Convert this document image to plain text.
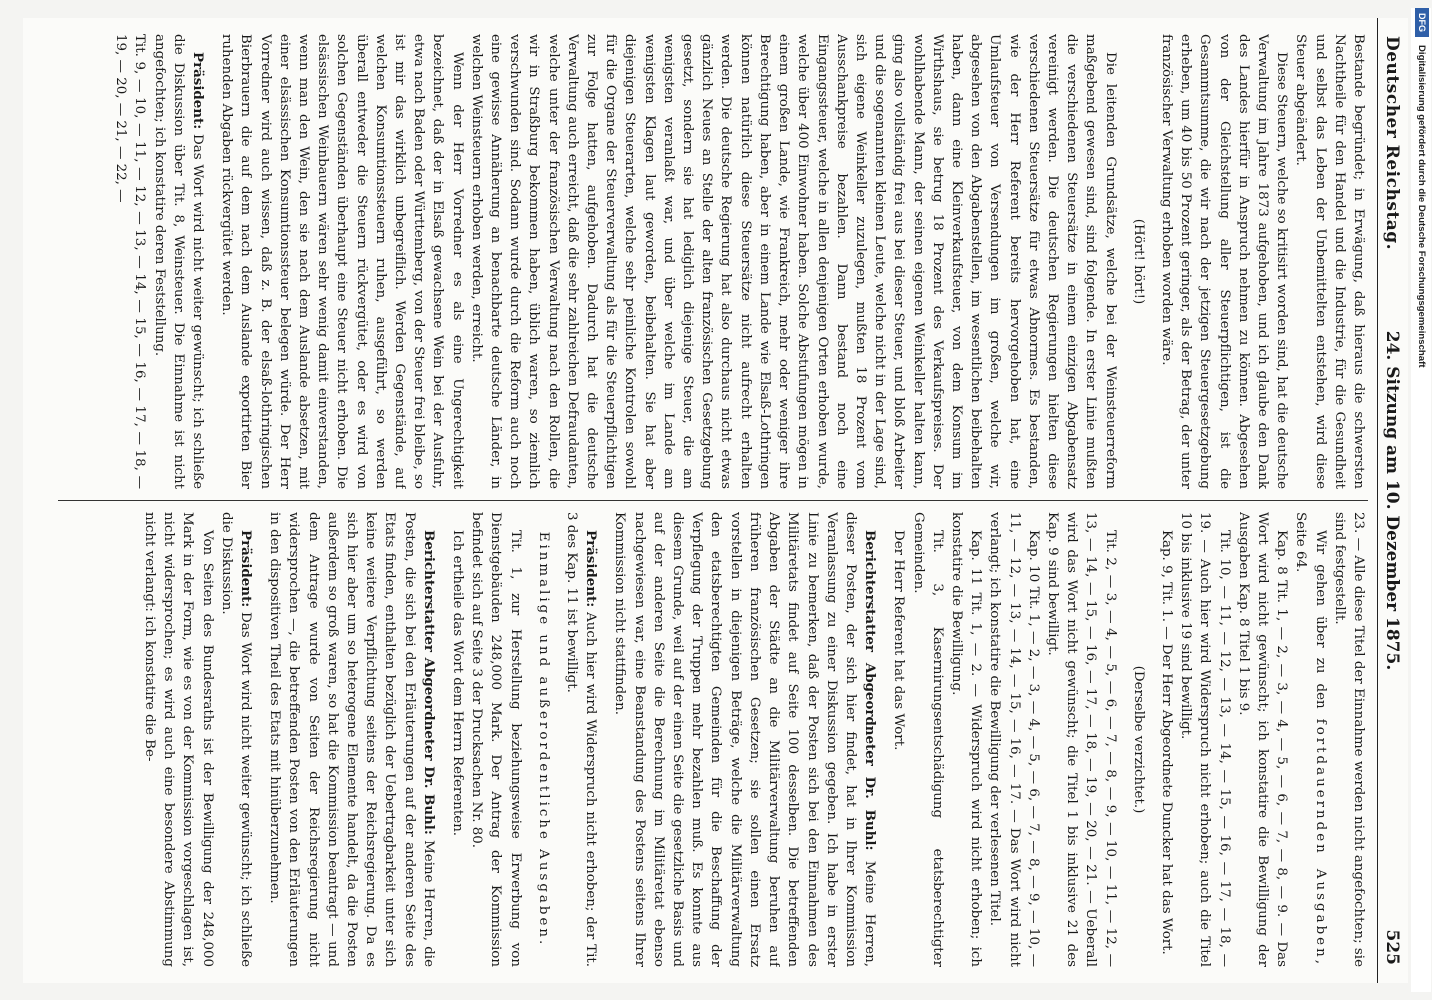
Deutscher Reichstag.
24. Sitzung am 10. Dezember 1875.
525

Bestande begründet; in Erwägung, daß hieraus die schwersten Nachtheile für den Handel und die Industrie, für die Gesundheit und selbst das Leben der Unbemittelten entstehen, wird diese Steuer abgeändert.

Diese Steuern, welche so kritisirt worden sind, hat die deutsche Verwaltung im Jahre 1873 aufgehoben, und ich glaube den Dank des Landes hierfür in Anspruch nehmen zu können. Abgesehen von der Gleichstellung aller Steuerpflichtigen, ist die Gesammtsumme, die wir nach der jetzigen Steuergesetzgebung erheben, um 40 bis 50 Prozent geringer, als der Betrag, der unter französischer Verwaltung erhoben worden wäre.

(Hört! hört!)

Die leitenden Grundsätze, welche bei der Weinsteuerreform maßgebend gewesen sind, sind folgende. In erster Linie mußten die verschiedenen Steuersätze in einem einzigen Abgabensatz vereinigt werden. Die deutschen Regierungen hielten diese verschiedenen Steuersätze für etwas Abnormes. Es bestanden, wie der Herr Referent bereits hervorgehoben hat, eine Umlaufsteuer von Versendungen im großen, welche wir, abgesehen von den Abgabenstellen, im wesentlichen beibehalten haben, dann eine Kleinverkaufsteuer, von dem Konsum im Wirthshaus, sie betrug 18 Prozent des Verkaufspreises. Der wohlhabende Mann, der seinen eigenen Weinkeller halten kann, ging also vollständig frei aus bei dieser Steuer, und bloß Arbeiter und die sogenannten kleinen Leute, welche nicht in der Lage sind, sich eigene Weinkeller zuzulegen, mußten 18 Prozent vom Ausschankpreise bezahlen. Dann bestand noch eine Eingangssteuer, welche in allen denjenigen Orten erhoben wurde, welche über 400 Einwohner haben. Solche Abstufungen mögen in einem großen Lande, wie Frankreich, mehr oder weniger ihre Berechtigung haben, aber in einem Lande wie Elsaß-Lothringen können natürlich diese Steuersätze nicht aufrecht erhalten werden. Die deutsche Regierung hat also durchaus nicht etwas gänzlich Neues an Stelle der alten französischen Gesetzgebung gesetzt, sondern sie hat lediglich diejenige Steuer, die am wenigsten veranlaßt war, und über welche im Lande am wenigsten Klagen laut geworden, beibehalten. Sie hat aber diejenigen Steuerarten, welche sehr peinliche Kontrolen sowohl für die Organe der Steuerverwaltung als für die Steuerpflichtigen zur Folge hatten, aufgehoben. Dadurch hat die deutsche Verwaltung auch erreicht, daß die sehr zahlreichen Defraudanten, welche unter der französischen Verwaltung nach den Rollen, die wir in Straßburg bekommen haben, üblich waren, so ziemlich verschwunden sind. Sodann wurde durch die Reform auch noch eine gewisse Annäherung an benachbarte deutsche Länder, in welchen Weinsteuern erhoben werden, erreicht.

Wenn der Herr Vorredner es als eine Ungerechtigkeit bezeichnet, daß der in Elsaß gewachsene Wein bei der Ausfuhr, etwa nach Baden oder Württemberg, von der Steuer frei bleibe, so ist mir das wirklich unbegreiflich. Werden Gegenstände, auf welchen Konsumtionssteuern ruhen, ausgeführt, so werden überall entweder die Steuern rückvergütet, oder es wird von solchen Gegenständen überhaupt eine Steuer nicht erhoben. Die elsässischen Weinbauern wären sehr wenig damit einverstanden, wenn man den Wein, den sie nach dem Auslande absetzen, mit einer elsässischen Konsumtionssteuer belegen würde. Der Herr Vorredner wird auch wissen, daß z. B. der elsaß-lothringischen Bierbrauern die auf dem nach dem Auslande exportirten Bier ruhenden Abgaben rückvergütet werden.

Präsident: Das Wort wird nicht weiter gewünscht; ich schließe die Diskussion über Tit. 8, Weinsteuer. Die Einnahme ist nicht angefochten; ich konstatire deren Feststellung.

Tit. 9, — 10, — 11, — 12, — 13, — 14, — 15, — 16, — 17, — 18, — 19, — 20, — 21, — 22, —

23. — Alle diese Titel der Einnahme werden nicht angefochten; sie sind festgestellt.

Wir gehen über zu den fortdauernden Ausgaben, Seite 64.

Kap. 8 Tit. 1, — 2, — 3, — 4, — 5, — 6, — 7, — 8, — 9. — Das Wort wird nicht gewünscht; ich konstatire die Bewilligung der Ausgaben Kap. 8 Titel 1 bis 9.

Tit. 10, — 11, — 12, — 13, — 14, — 15, — 16, — 17, — 18, — 19. — Auch hier wird Widerspruch nicht erhoben; auch die Titel 10 bis inklusive 19 sind bewilligt.

Kap. 9, Tit. 1. — Der Herr Abgeordnete Duncker hat das Wort.

(Derselbe verzichtet.)

Tit. 2, — 3, — 4, — 5, — 6, — 7, — 8, — 9, — 10, — 11, — 12, — 13, — 14, — 15, — 16, — 17, — 18, — 19, — 20, — 21. — Ueberall wird das Wort nicht gewünscht; die Titel 1 bis inklusive 21 des Kap. 9 sind bewilligt.

Kap. 10 Tit. 1, — 2, — 3, — 4, — 5, — 6, — 7, — 8, — 9, — 10, — 11, — 12, — 13, — 14, — 15, — 16, — 17. — Das Wort wird nicht verlangt; ich konstatire die Bewilligung der verlesenen Titel.

Kap. 11 Tit. 1, — 2. — Widerspruch wird nicht erhoben; ich konstatire die Bewilligung.

Tit. 3, Kasernirungsentschädigung etatsberechtigter Gemeinden.

Der Herr Referent hat das Wort.

Berichterstatter Abgeordneter Dr. Buhl: Meine Herren, dieser Posten, der sich hier findet, hat in Ihrer Kommission Veranlassung zu einer Diskussion gegeben. Ich habe in erster Linie zu bemerken, daß der Posten sich bei den Einnahmen des Militäretats findet auf Seite 100 desselben. Die betreffenden Abgaben der Städte an die Militärverwaltung beruhen auf früheren französischen Gesetzen; sie sollen einen Ersatz vorstellen in diejenigen Beträge, welche die Militärverwaltung den etatsberechtigten Gemeinden für die Beschaffung der Verpflegung der Truppen mehr bezahlen muß. Es konnte aus diesem Grunde, weil auf der einen Seite die gesetzliche Basis und auf der anderen Seite die Berechnung im Militäretat ebenso nachgewiesen war, eine Beanstandung des Postens seitens Ihrer Kommission nicht stattfinden.

Präsident: Auch hier wird Widerspruch nicht erhoben; der Tit. 3 des Kap. 11 ist bewilligt.

Einmalige und außerordentliche Ausgaben.

Tit. 1, zur Herstellung beziehungsweise Erwerbung von Dienstgebäuden 248,000 Mark. Der Antrag der Kommission befindet sich auf Seite 3 der Drucksachen Nr. 80.

Ich ertheile das Wort dem Herrn Referenten.

Berichterstatter Abgeordneter Dr. Buhl: Meine Herren, die Posten, die sich bei den Erläuterungen auf der anderen Seite des Etats finden, enthalten bezüglich der Uebertragbarkeit unter sich keine weitere Verpflichtung seitens der Reichsregierung. Da es sich hier aber um so heterogene Elemente handelt, da die Posten außerdem so groß waren, so hat die Kommission beantragt — und dem Antrage wurde von Seiten der Reichsregierung nicht widersprochen —, die betreffenden Posten von den Erläuterungen in den dispositiven Theil des Etats mit hinüberzunehmen.

Präsident: Das Wort wird nicht weiter gewünscht; ich schließe die Diskussion.

Von Seiten des Bundesraths ist der Bewilligung der 248,000 Mark in der Form, wie es von der Kommission vorgeschlagen ist, nicht widersprochen; es wird auch eine besondere Abstimmung nicht verlangt: ich konstatire die Be-

DFGDigitalisierung gefördert durch die Deutsche Forschungsgemeinschaft
